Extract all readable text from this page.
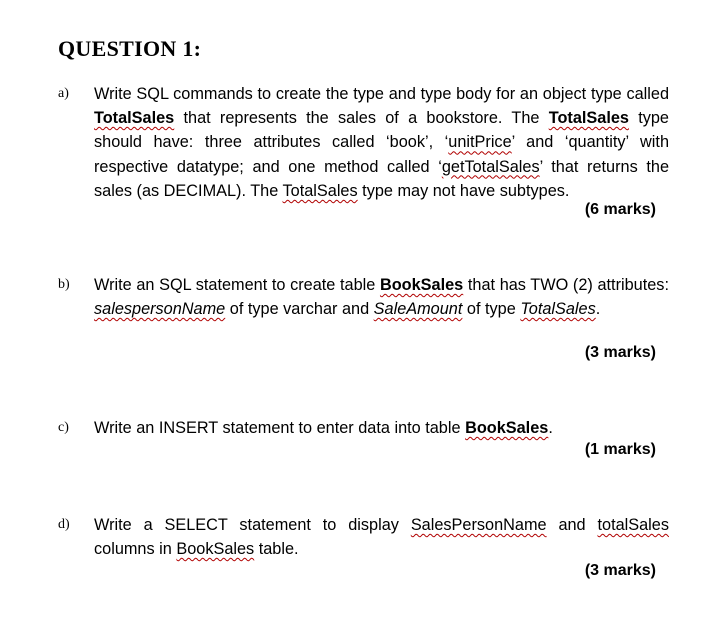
QUESTION 1:
a) Write SQL commands to create the type and type body for an object type called TotalSales that represents the sales of a bookstore. The TotalSales type should have: three attributes called ‘book’, ‘unitPrice’ and ‘quantity’ with respective datatype; and one method called ‘getTotalSales’ that returns the sales (as DECIMAL). The TotalSales type may not have subtypes.
(6 marks)
b) Write an SQL statement to create table BookSales that has TWO (2) attributes: salespersonName of type varchar and SaleAmount of type TotalSales.
(3 marks)
c) Write an INSERT statement to enter data into table BookSales.
(1 marks)
d) Write a SELECT statement to display SalesPersonName and totalSales columns in BookSales table.
(3 marks)
